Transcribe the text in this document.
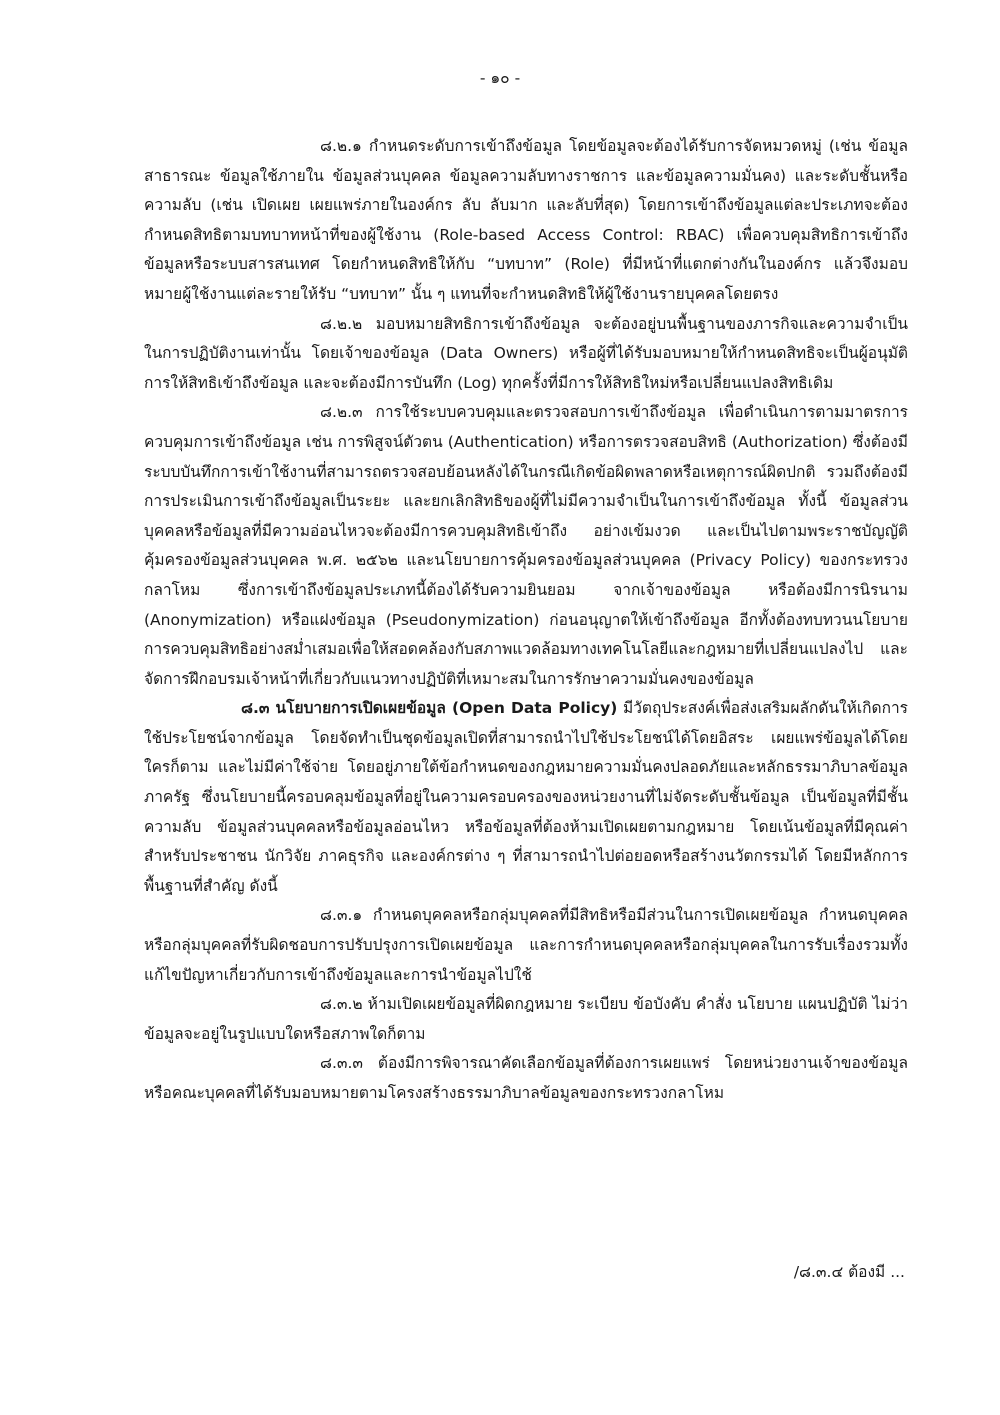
- ๑๐ -

๘.๒.๑ กำหนดระดับการเข้าถึงข้อมูล โดยข้อมูลจะต้องได้รับการจัดหมวดหมู่ (เช่น ข้อมูลสาธารณะ ข้อมูลใช้ภายใน ข้อมูลส่วนบุคคล ข้อมูลความลับทางราชการ และข้อมูลความมั่นคง) และระดับชั้นหรือความลับ (เช่น เปิดเผย เผยแพร่ภายในองค์กร ลับ ลับมาก และลับที่สุด) โดยการเข้าถึงข้อมูลแต่ละประเภทจะต้องกำหนดสิทธิตามบทบาทหน้าที่ของผู้ใช้งาน (Role-based Access Control: RBAC) เพื่อควบคุมสิทธิการเข้าถึงข้อมูลหรือระบบสารสนเทศ โดยกำหนดสิทธิให้กับ “บทบาท” (Role) ที่มีหน้าที่แตกต่างกันในองค์กร แล้วจึงมอบหมายผู้ใช้งานแต่ละรายให้รับ “บทบาท” นั้น ๆ แทนที่จะกำหนดสิทธิให้ผู้ใช้งานรายบุคคลโดยตรง

๘.๒.๒ มอบหมายสิทธิการเข้าถึงข้อมูล จะต้องอยู่บนพื้นฐานของภารกิจและความจำเป็นในการปฏิบัติงานเท่านั้น โดยเจ้าของข้อมูล (Data Owners) หรือผู้ที่ได้รับมอบหมายให้กำหนดสิทธิจะเป็นผู้อนุมัติการให้สิทธิเข้าถึงข้อมูล และจะต้องมีการบันทึก (Log) ทุกครั้งที่มีการให้สิทธิใหม่หรือเปลี่ยนแปลงสิทธิเดิม

๘.๒.๓ การใช้ระบบควบคุมและตรวจสอบการเข้าถึงข้อมูล เพื่อดำเนินการตามมาตรการควบคุมการเข้าถึงข้อมูล เช่น การพิสูจน์ตัวตน (Authentication) หรือการตรวจสอบสิทธิ (Authorization) ซึ่งต้องมีระบบบันทึกการเข้าใช้งานที่สามารถตรวจสอบย้อนหลังได้ในกรณีเกิดข้อผิดพลาดหรือเหตุการณ์ผิดปกติ รวมถึงต้องมีการประเมินการเข้าถึงข้อมูลเป็นระยะ และยกเลิกสิทธิของผู้ที่ไม่มีความจำเป็นในการเข้าถึงข้อมูล ทั้งนี้ ข้อมูลส่วนบุคคลหรือข้อมูลที่มีความอ่อนไหวจะต้องมีการควบคุมสิทธิเข้าถึง อย่างเข้มงวด และเป็นไปตามพระราชบัญญัติคุ้มครองข้อมูลส่วนบุคคล พ.ศ. ๒๕๖๒ และนโยบายการคุ้มครองข้อมูลส่วนบุคคล (Privacy Policy) ของกระทรวงกลาโหม ซึ่งการเข้าถึงข้อมูลประเภทนี้ต้องได้รับความยินยอม จากเจ้าของข้อมูล หรือต้องมีการนิรนาม (Anonymization) หรือแฝงข้อมูล (Pseudonymization) ก่อนอนุญาตให้เข้าถึงข้อมูล อีกทั้งต้องทบทวนนโยบายการควบคุมสิทธิอย่างสม่ำเสมอเพื่อให้สอดคล้องกับสภาพแวดล้อมทางเทคโนโลยีและกฎหมายที่เปลี่ยนแปลงไป และจัดการฝึกอบรมเจ้าหน้าที่เกี่ยวกับแนวทางปฏิบัติที่เหมาะสมในการรักษาความมั่นคงของข้อมูล

๘.๓ นโยบายการเปิดเผยข้อมูล (Open Data Policy) มีวัตถุประสงค์เพื่อส่งเสริมผลักดันให้เกิดการใช้ประโยชน์จากข้อมูล โดยจัดทำเป็นชุดข้อมูลเปิดที่สามารถนำไปใช้ประโยชน์ได้โดยอิสระ เผยแพร่ข้อมูลได้โดยใครก็ตาม และไม่มีค่าใช้จ่าย โดยอยู่ภายใต้ข้อกำหนดของกฎหมายความมั่นคงปลอดภัยและหลักธรรมาภิบาลข้อมูลภาครัฐ ซึ่งนโยบายนี้ครอบคลุมข้อมูลที่อยู่ในความครอบครองของหน่วยงานที่ไม่จัดระดับชั้นข้อมูล เป็นข้อมูลที่มีชั้นความลับ ข้อมูลส่วนบุคคลหรือข้อมูลอ่อนไหว หรือข้อมูลที่ต้องห้ามเปิดเผยตามกฎหมาย โดยเน้นข้อมูลที่มีคุณค่าสำหรับประชาชน นักวิจัย ภาคธุรกิจ และองค์กรต่าง ๆ ที่สามารถนำไปต่อยอดหรือสร้างนวัตกรรมได้ โดยมีหลักการพื้นฐานที่สำคัญ ดังนี้

๘.๓.๑ กำหนดบุคคลหรือกลุ่มบุคคลที่มีสิทธิหรือมีส่วนในการเปิดเผยข้อมูล กำหนดบุคคลหรือกลุ่มบุคคลที่รับผิดชอบการปรับปรุงการเปิดเผยข้อมูล และการกำหนดบุคคลหรือกลุ่มบุคคลในการรับเรื่องรวมทั้งแก้ไขปัญหาเกี่ยวกับการเข้าถึงข้อมูลและการนำข้อมูลไปใช้

๘.๓.๒ ห้ามเปิดเผยข้อมูลที่ผิดกฎหมาย ระเบียบ ข้อบังคับ คำสั่ง นโยบาย แผนปฏิบัติ ไม่ว่าข้อมูลจะอยู่ในรูปแบบใดหรือสภาพใดก็ตาม

๘.๓.๓ ต้องมีการพิจารณาคัดเลือกข้อมูลที่ต้องการเผยแพร่ โดยหน่วยงานเจ้าของข้อมูลหรือคณะบุคคลที่ได้รับมอบหมายตามโครงสร้างธรรมาภิบาลข้อมูลของกระทรวงกลาโหม

/๘.๓.๔ ต้องมี ...
